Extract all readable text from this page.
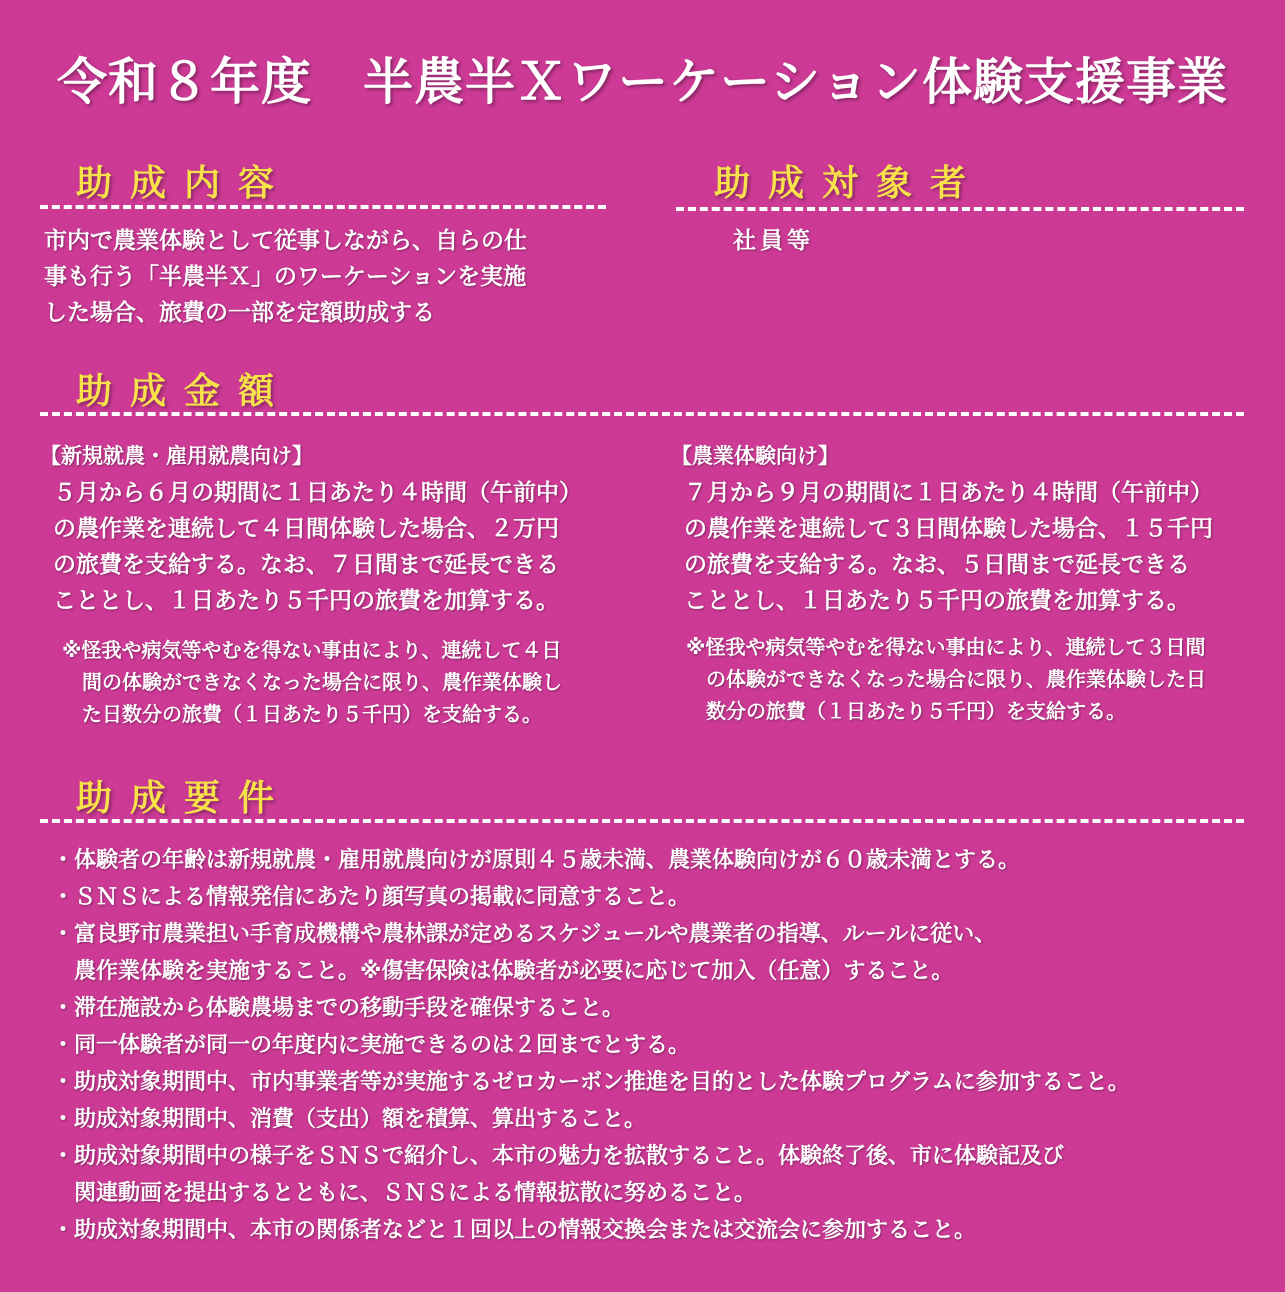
令和８年度　半農半Ｘワーケーション体験支援事業
助成内容
市内で農業体験として従事しながら、自らの仕
事も行う「半農半Ｘ」のワーケーションを実施
した場合、旅費の一部を定額助成する
助成対象者
社員等
助成金額
【新規就農・雇用就農向け】
５月から６月の期間に１日あたり４時間（午前中）
の農作業を連続して４日間体験した場合、２万円
の旅費を支給する。なお、７日間まで延長できる
こととし、１日あたり５千円の旅費を加算する。
※怪我や病気等やむを得ない事由により、連続して４日
　間の体験ができなくなった場合に限り、農作業体験し
　た日数分の旅費（１日あたり５千円）を支給する。
【農業体験向け】
７月から９月の期間に１日あたり４時間（午前中）
の農作業を連続して３日間体験した場合、１５千円
の旅費を支給する。なお、５日間まで延長できる
こととし、１日あたり５千円の旅費を加算する。
※怪我や病気等やむを得ない事由により、連続して３日間
　の体験ができなくなった場合に限り、農作業体験した日
　数分の旅費（１日あたり５千円）を支給する。
助成要件
・体験者の年齢は新規就農・雇用就農向けが原則４５歳未満、農業体験向けが６０歳未満とする。
・ＳＮＳによる情報発信にあたり顔写真の掲載に同意すること。
・富良野市農業担い手育成機構や農林課が定めるスケジュールや農業者の指導、ルールに従い、
　農作業体験を実施すること。※傷害保険は体験者が必要に応じて加入（任意）すること。
・滞在施設から体験農場までの移動手段を確保すること。
・同一体験者が同一の年度内に実施できるのは２回までとする。
・助成対象期間中、市内事業者等が実施するゼロカーボン推進を目的とした体験プログラムに参加すること。
・助成対象期間中、消費（支出）額を積算、算出すること。
・助成対象期間中の様子をＳＮＳで紹介し、本市の魅力を拡散すること。体験終了後、市に体験記及び
　関連動画を提出するとともに、ＳＮＳによる情報拡散に努めること。
・助成対象期間中、本市の関係者などと１回以上の情報交換会または交流会に参加すること。
